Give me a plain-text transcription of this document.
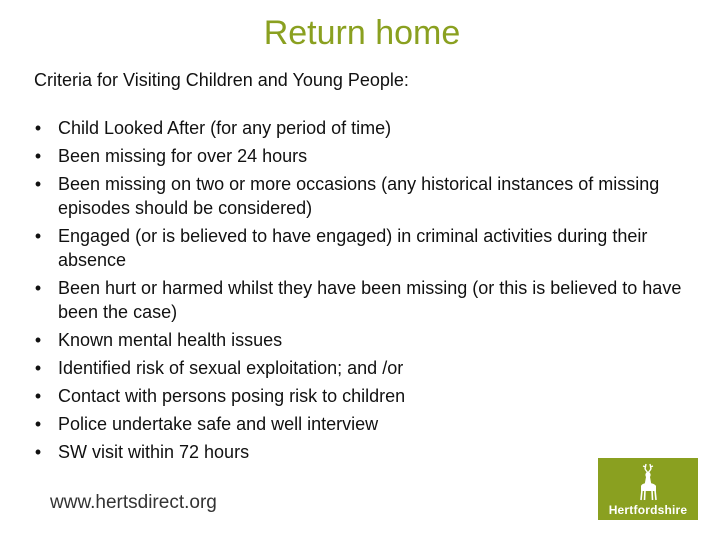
Return home
Criteria for Visiting Children and Young People:
• Child Looked After (for any period of time)
• Been missing for over 24 hours
• Been missing on two or more occasions (any historical instances of missing episodes should be considered)
• Engaged (or is believed to have engaged) in criminal activities during their absence
• Been hurt or harmed whilst they have been missing (or this is believed to have been the case)
• Known mental health issues
• Identified risk of sexual exploitation; and /or
• Contact with persons posing risk to children
• Police undertake safe and well interview
• SW visit within 72 hours
www.hertsdirect.org	Hertfordshire
